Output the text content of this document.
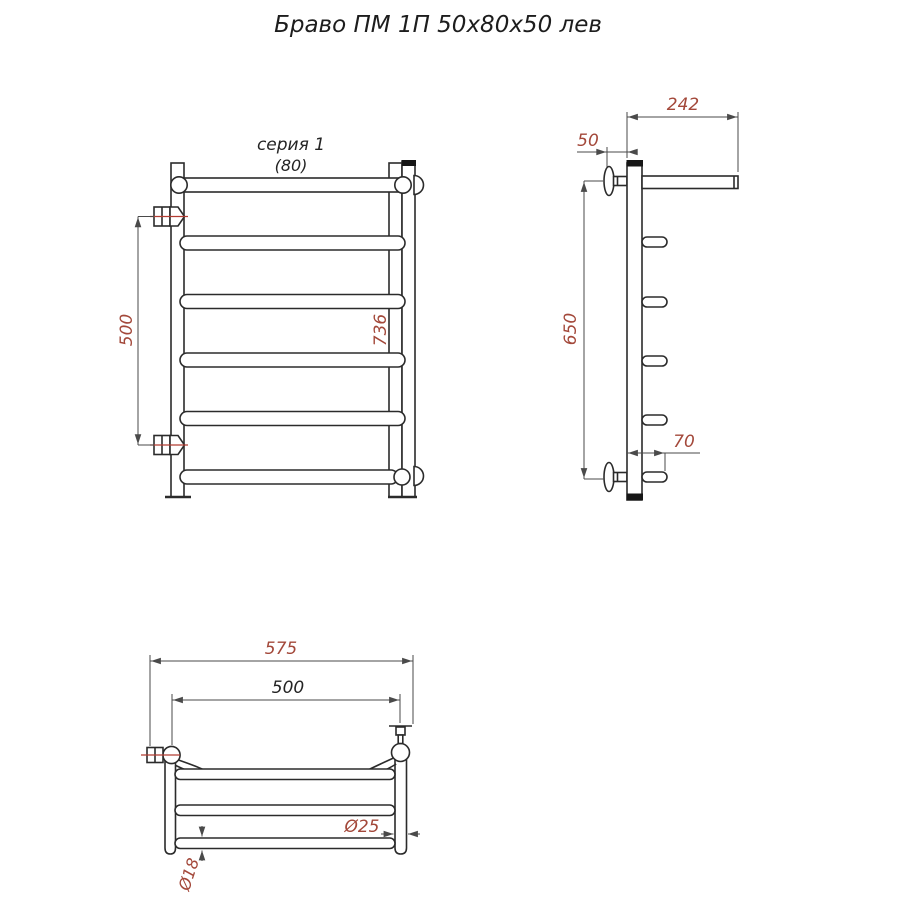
Браво ПМ 1П 50х80х50 лев
серия 1
(80)
500	736
242
50
650
70
575
500
Ø25
Ø18
